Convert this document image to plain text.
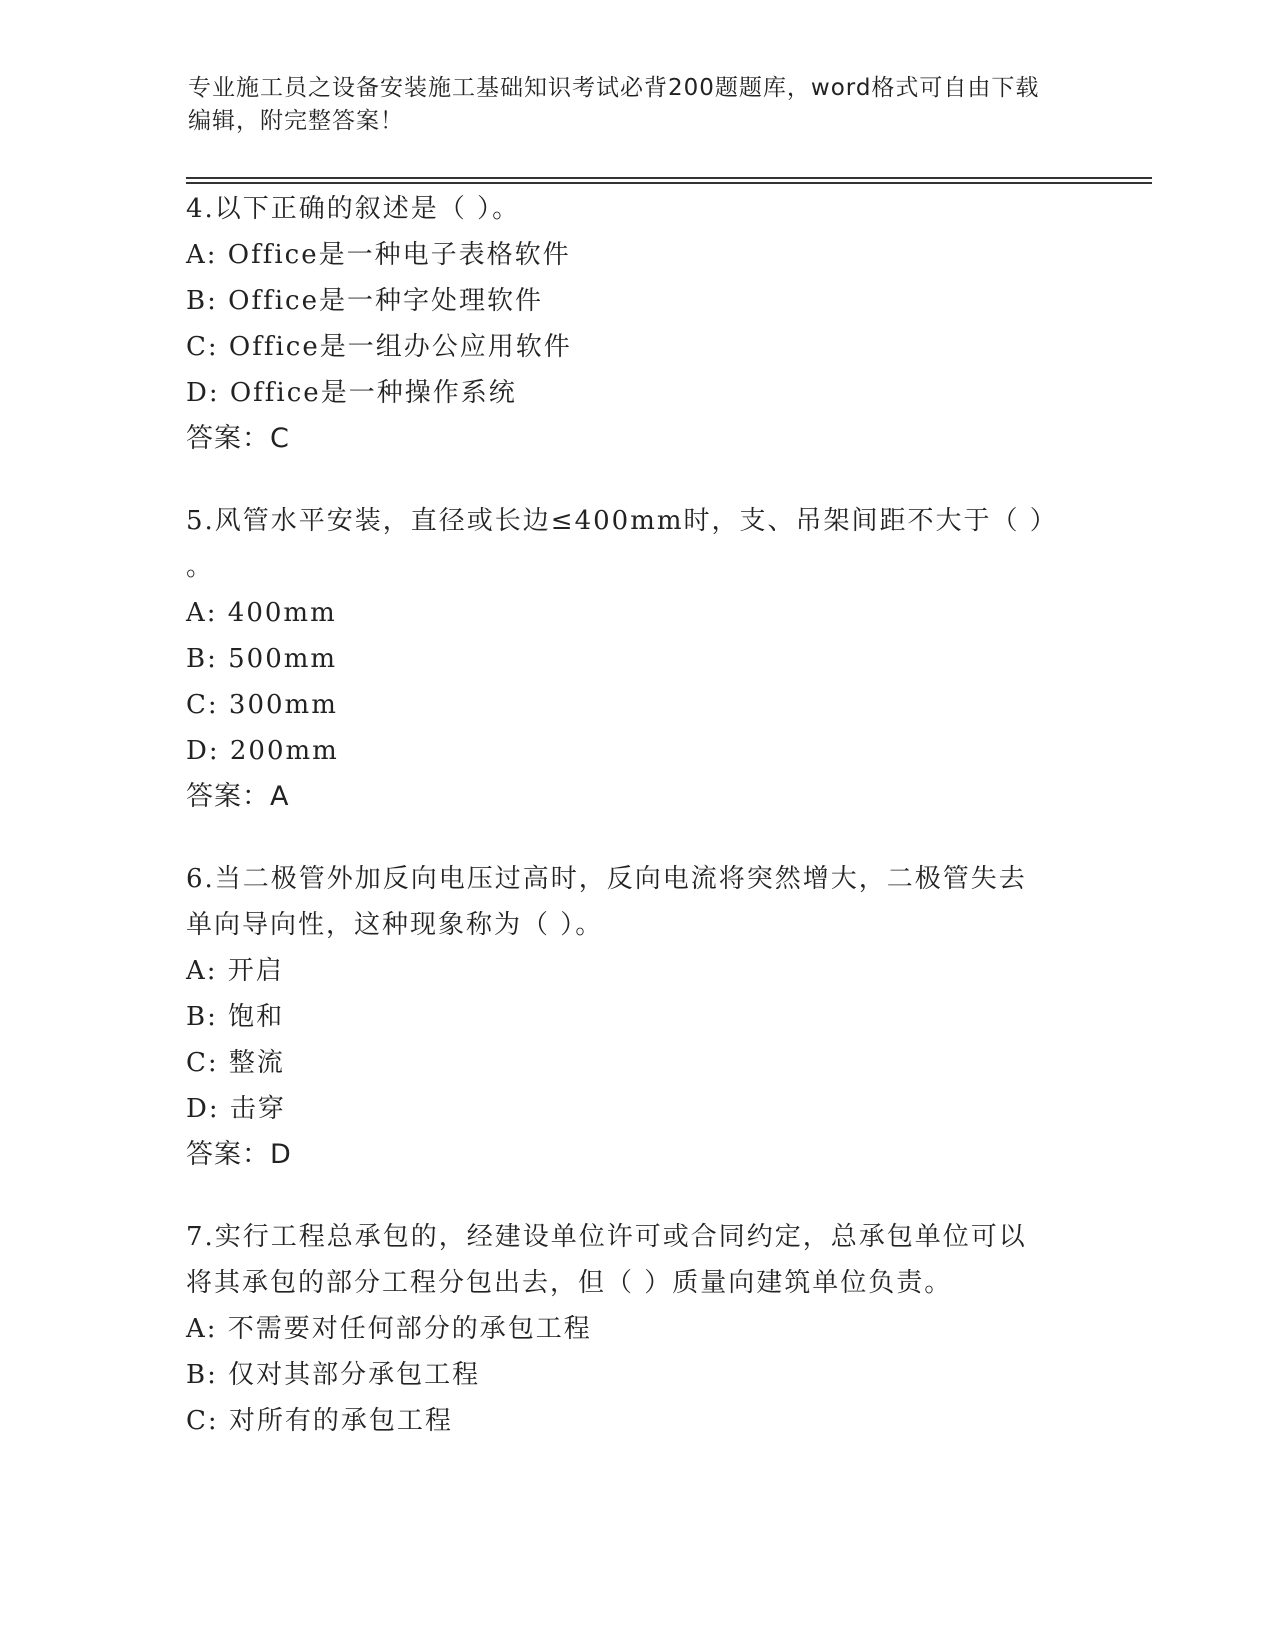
专业施工员之设备安装施工基础知识考试必背200题题库，word格式可自由下载
编辑，附完整答案！
4.以下正确的叙述是（ ）。
A: Office是一种电子表格软件
B: Office是一种字处理软件
C: Office是一组办公应用软件
D: Office是一种操作系统
答案：C
5.风管水平安装，直径或长边≤400mm时，支、吊架间距不大于（ ）
。
A: 400mm
B: 500mm
C: 300mm
D: 200mm
答案：A
6.当二极管外加反向电压过高时，反向电流将突然增大，二极管失去
单向导向性，这种现象称为（ ）。
A: 开启
B: 饱和
C: 整流
D: 击穿
答案：D
7.实行工程总承包的，经建设单位许可或合同约定，总承包单位可以
将其承包的部分工程分包出去，但（ ）质量向建筑单位负责。
A: 不需要对任何部分的承包工程
B: 仅对其部分承包工程
C: 对所有的承包工程
